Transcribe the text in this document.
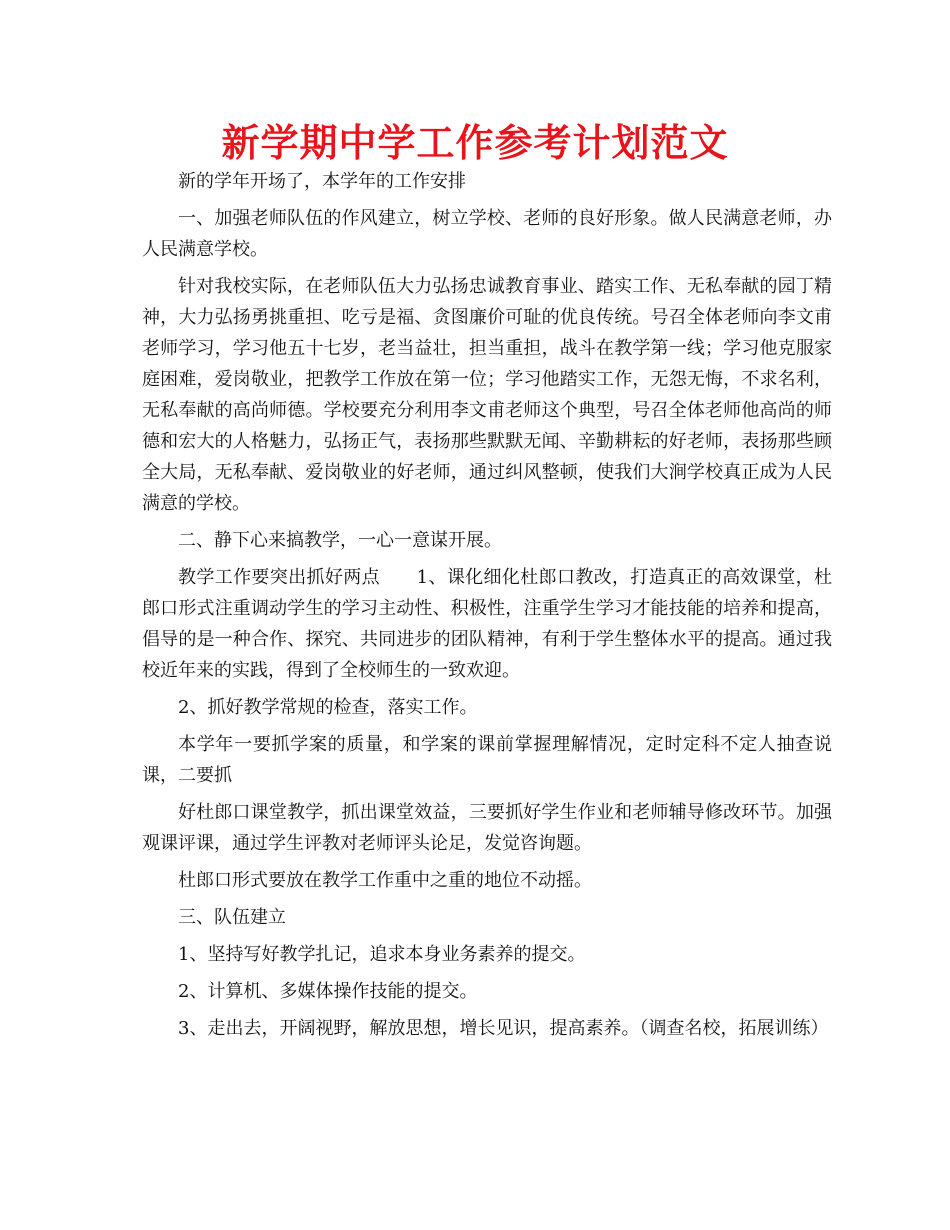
新学期中学工作参考计划范文

新的学年开场了，本学年的工作安排

一、加强老师队伍的作风建立，树立学校、老师的良好形象。做人民满意老师，办人民满意学校。

针对我校实际，在老师队伍大力弘扬忠诚教育事业、踏实工作、无私奉献的园丁精神，大力弘扬勇挑重担、吃亏是福、贪图廉价可耻的优良传统。号召全体老师向李文甫老师学习，学习他五十七岁，老当益壮，担当重担，战斗在教学第一线；学习他克服家庭困难，爱岗敬业，把教学工作放在第一位；学习他踏实工作，无怨无悔，不求名利，无私奉献的高尚师德。学校要充分利用李文甫老师这个典型，号召全体老师他高尚的师德和宏大的人格魅力，弘扬正气，表扬那些默默无闻、辛勤耕耘的好老师，表扬那些顾全大局，无私奉献、爱岗敬业的好老师，通过纠风整顿，使我们大涧学校真正成为人民满意的学校。

二、静下心来搞教学，一心一意谋开展。

教学工作要突出抓好两点　　1、课化细化杜郎口教改，打造真正的高效课堂，杜郎口形式注重调动学生的学习主动性、积极性，注重学生学习才能技能的培养和提高，倡导的是一种合作、探究、共同进步的团队精神，有利于学生整体水平的提高。通过我校近年来的实践，得到了全校师生的一致欢迎。

2、抓好教学常规的检查，落实工作。

本学年一要抓学案的质量，和学案的课前掌握理解情况，定时定科不定人抽查说课，二要抓

好杜郎口课堂教学，抓出课堂效益，三要抓好学生作业和老师辅导修改环节。加强观课评课，通过学生评教对老师评头论足，发觉咨询题。

杜郎口形式要放在教学工作重中之重的地位不动摇。

三、队伍建立

1、坚持写好教学扎记，追求本身业务素养的提交。

2、计算机、多媒体操作技能的提交。

3、走出去，开阔视野，解放思想，增长见识，提高素养。（调查名校，拓展训练）
